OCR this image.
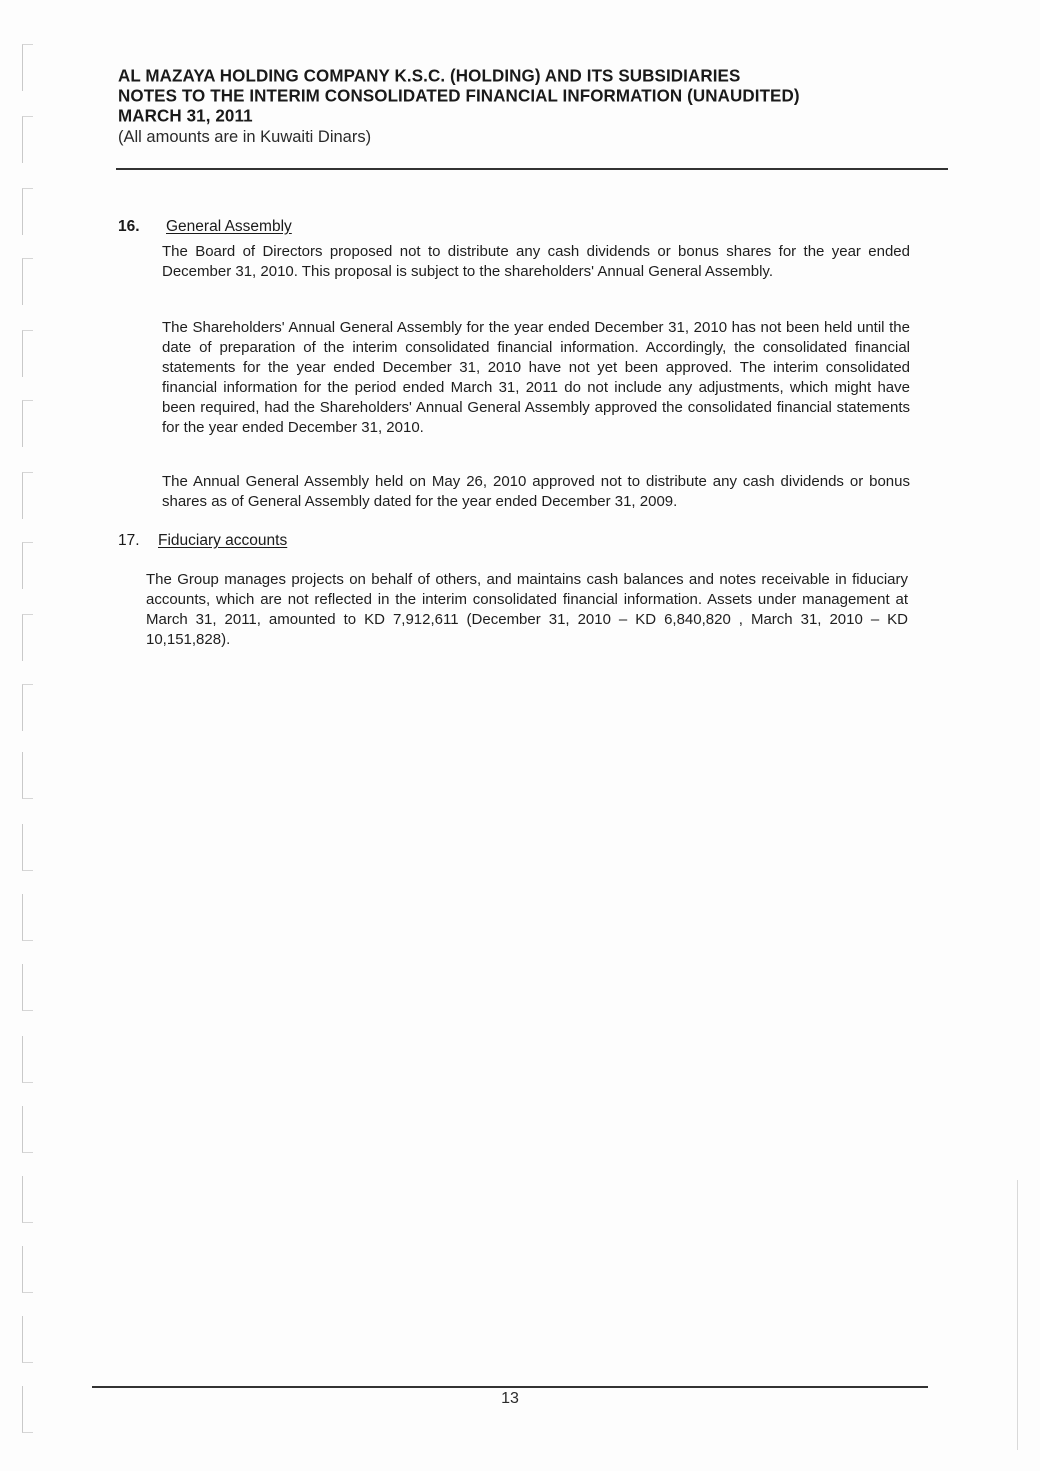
AL MAZAYA HOLDING COMPANY K.S.C. (HOLDING) AND ITS SUBSIDIARIES
NOTES TO THE INTERIM CONSOLIDATED FINANCIAL INFORMATION (UNAUDITED)
MARCH 31, 2011
(All amounts are in Kuwaiti Dinars)
16. General Assembly

The Board of Directors proposed not to distribute any cash dividends or bonus shares for the year ended December 31, 2010. This proposal is subject to the shareholders' Annual General Assembly.

The Shareholders' Annual General Assembly for the year ended December 31, 2010 has not been held until the date of preparation of the interim consolidated financial information. Accordingly, the consolidated financial statements for the year ended December 31, 2010 have not yet been approved. The interim consolidated financial information for the period ended March 31, 2011 do not include any adjustments, which might have been required, had the Shareholders' Annual General Assembly approved the consolidated financial statements for the year ended December 31, 2010.

The Annual General Assembly held on May 26, 2010 approved not to distribute any cash dividends or bonus shares as of General Assembly dated for the year ended December 31, 2009.

17. Fiduciary accounts

The Group manages projects on behalf of others, and maintains cash balances and notes receivable in fiduciary accounts, which are not reflected in the interim consolidated financial information. Assets under management at March 31, 2011, amounted to KD 7,912,611 (December 31, 2010 – KD 6,840,820 , March 31, 2010 – KD 10,151,828).

13
